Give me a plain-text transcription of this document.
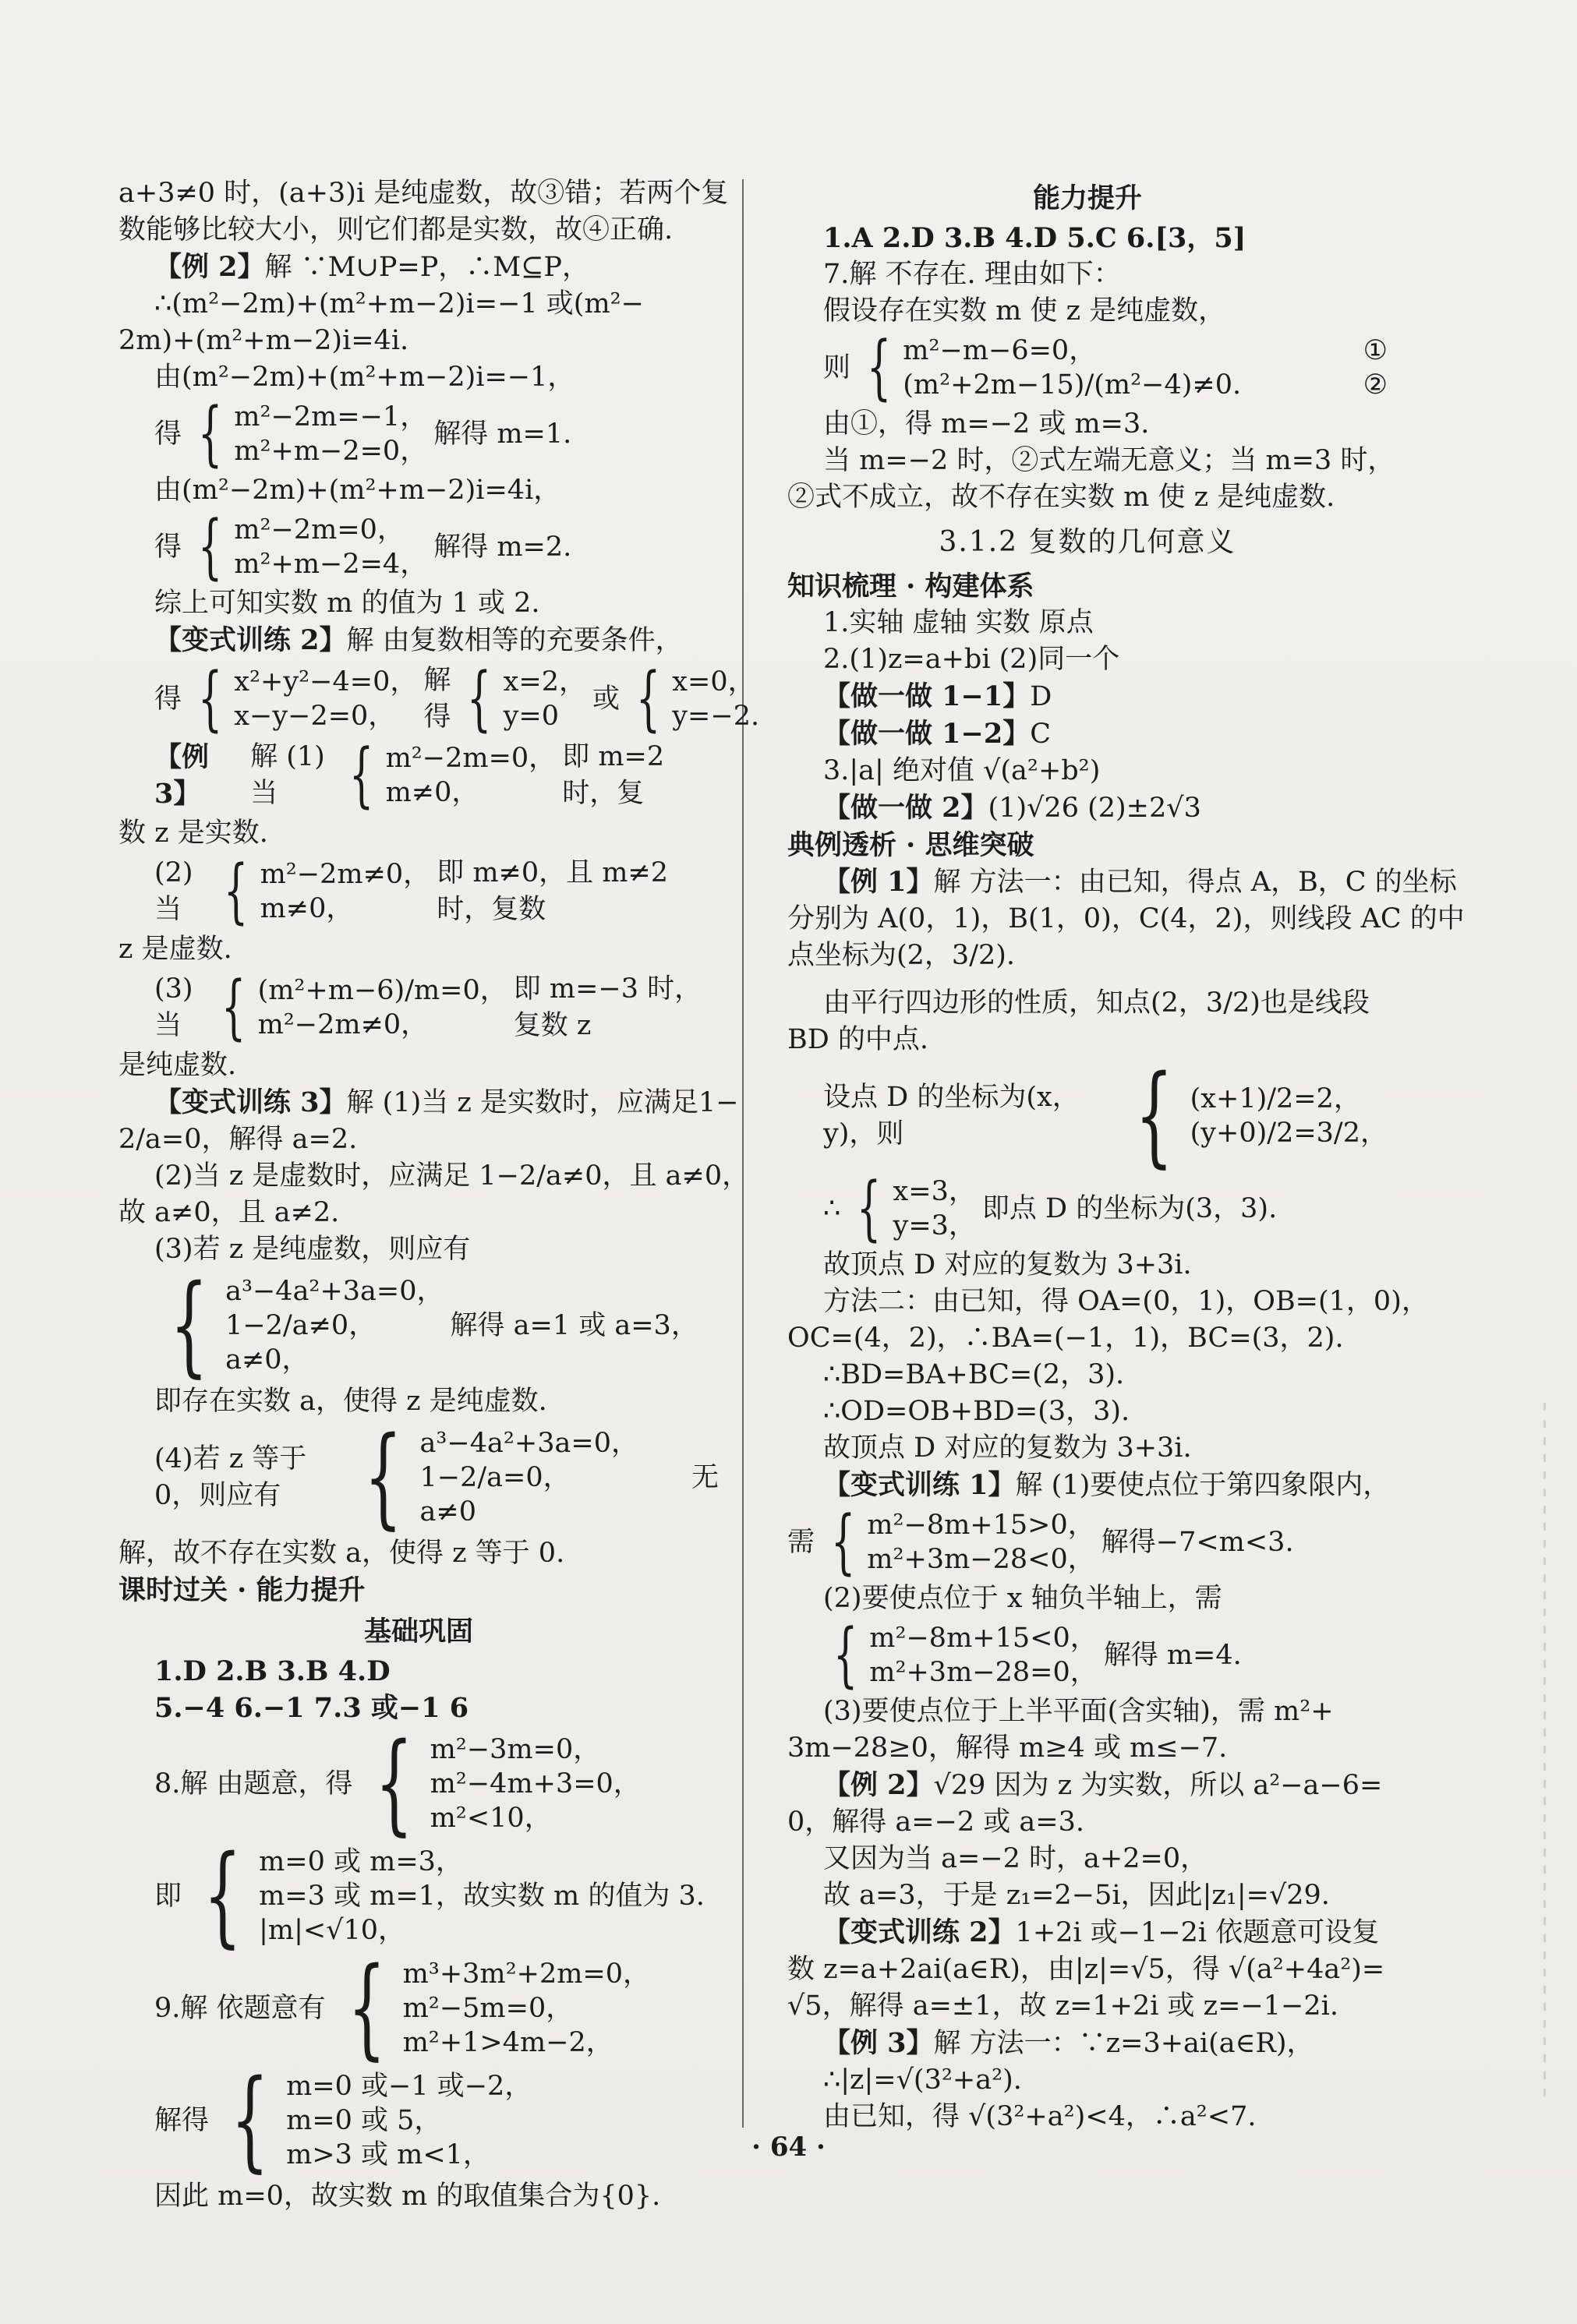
a+3≠0 时，(a+3)i 是纯虚数，故③错；若两个复
数能够比较大小，则它们都是实数，故④正确.
【例 2】解 ∵M∪P=P，∴M⊆P，
∴(m²−2m)+(m²+m−2)i=−1 或(m²−
2m)+(m²+m−2)i=4i.
由(m²−2m)+(m²+m−2)i=−1，
得 { m²−2m=−1，
m²+m−2=0，
解得 m=1.
由(m²−2m)+(m²+m−2)i=4i，
得 { m²−2m=0，
m²+m−2=4，
解得 m=2.
综上可知实数 m 的值为 1 或 2.
【变式训练 2】解 由复数相等的充要条件，
得 { x²+y²−4=0，
x−y−2=0，
解得 { x=2，
y=0
或 { x=0，
y=−2.
【例 3】
解 (1)当	{ m²−2m=0，
m≠0，
即 m=2 时，复
数 z 是实数.
(2)当 { m²−2m≠0，
m≠0，
即 m≠0，且 m≠2 时，复数
z 是虚数.
(3)当 { (m²+m−6)/m=0，
m²−2m≠0，
即 m=−3 时，复数 z
是纯虚数.
【变式训练 3】解 (1)当 z 是实数时，应满足1−
2/a=0，解得 a=2.
(2)当 z 是虚数时，应满足 1−2/a≠0，且 a≠0，
故 a≠0，且 a≠2.
(3)若 z 是纯虚数，则应有
{ a³−4a²+3a=0，
1−2/a≠0，
a≠0，
解得 a=1 或 a=3，
即存在实数 a，使得 z 是纯虚数.
(4)若 z 等于 0，则应有 { a³−4a²+3a=0，
1−2/a=0，
a≠0
无
解，故不存在实数 a，使得 z 等于 0.
课时过关 · 能力提升
基础巩固
1.D 2.B 3.B 4.D
5.−4 6.−1 7.3 或−1 6
8.解 由题意，得 { m²−3m=0，
m²−4m+3=0，
m²<10，
即 { m=0 或 m=3，
m=3 或 m=1，故实数 m 的值为 3.
|m|<√10，
9.解 依题意有 { m³+3m²+2m=0，
m²−5m=0，
m²+1>4m−2，
解得 { m=0 或−1 或−2，
m=0 或 5，
m>3 或 m<1，
因此 m=0，故实数 m 的取值集合为{0}.
能力提升
1.A 2.D 3.B 4.D 5.C 6.[3，5]
7.解 不存在. 理由如下：
假设存在实数 m 使 z 是纯虚数，
则 { m²−m−6=0，	①
(m²+2m−15)/(m²−4)≠0.	②
由①，得 m=−2 或 m=3.
当 m=−2 时，②式左端无意义；当 m=3 时，
②式不成立，故不存在实数 m 使 z 是纯虚数.
3.1.2 复数的几何意义
知识梳理 · 构建体系
1.实轴 虚轴 实数 原点
2.(1)z=a+bi (2)同一个
【做一做 1−1】D
【做一做 1−2】C
3.|a| 绝对值 √(a²+b²)
【做一做 2】(1)√26 (2)±2√3
典例透析 · 思维突破
【例 1】解 方法一：由已知，得点 A，B，C 的坐标
分别为 A(0，1)，B(1，0)，C(4，2)，则线段 AC 的中
点坐标为(2，3/2).
由平行四边形的性质，知点(2，3/2)也是线段
BD 的中点.
设点 D 的坐标为(x，y)，则	{ (x+1)/2=2，
(y+0)/2=3/2，
∴ { x=3，
y=3，
即点 D 的坐标为(3，3).
故顶点 D 对应的复数为 3+3i.
方法二：由已知，得 OA=(0，1)，OB=(1，0)，
OC=(4，2)，∴BA=(−1，1)，BC=(3，2).
∴BD=BA+BC=(2，3).
∴OD=OB+BD=(3，3).
故顶点 D 对应的复数为 3+3i.
【变式训练 1】解 (1)要使点位于第四象限内，
需 { m²−8m+15>0，
m²+3m−28<0，
解得−7<m<3.
(2)要使点位于 x 轴负半轴上，需
{ m²−8m+15<0，
m²+3m−28=0，
解得 m=4.
(3)要使点位于上半平面(含实轴)，需 m²+
3m−28≥0，解得 m≥4 或 m≤−7.
【例 2】√29 因为 z 为实数，所以 a²−a−6=
0，解得 a=−2 或 a=3.
又因为当 a=−2 时，a+2=0，
故 a=3，于是 z₁=2−5i，因此|z₁|=√29.
【变式训练 2】1+2i 或−1−2i 依题意可设复
数 z=a+2ai(a∈R)，由|z|=√5，得 √(a²+4a²)=
√5，解得 a=±1，故 z=1+2i 或 z=−1−2i.
【例 3】解 方法一：∵z=3+ai(a∈R)，
∴|z|=√(3²+a²).
由已知，得 √(3²+a²)<4，∴a²<7.
· 64 ·
